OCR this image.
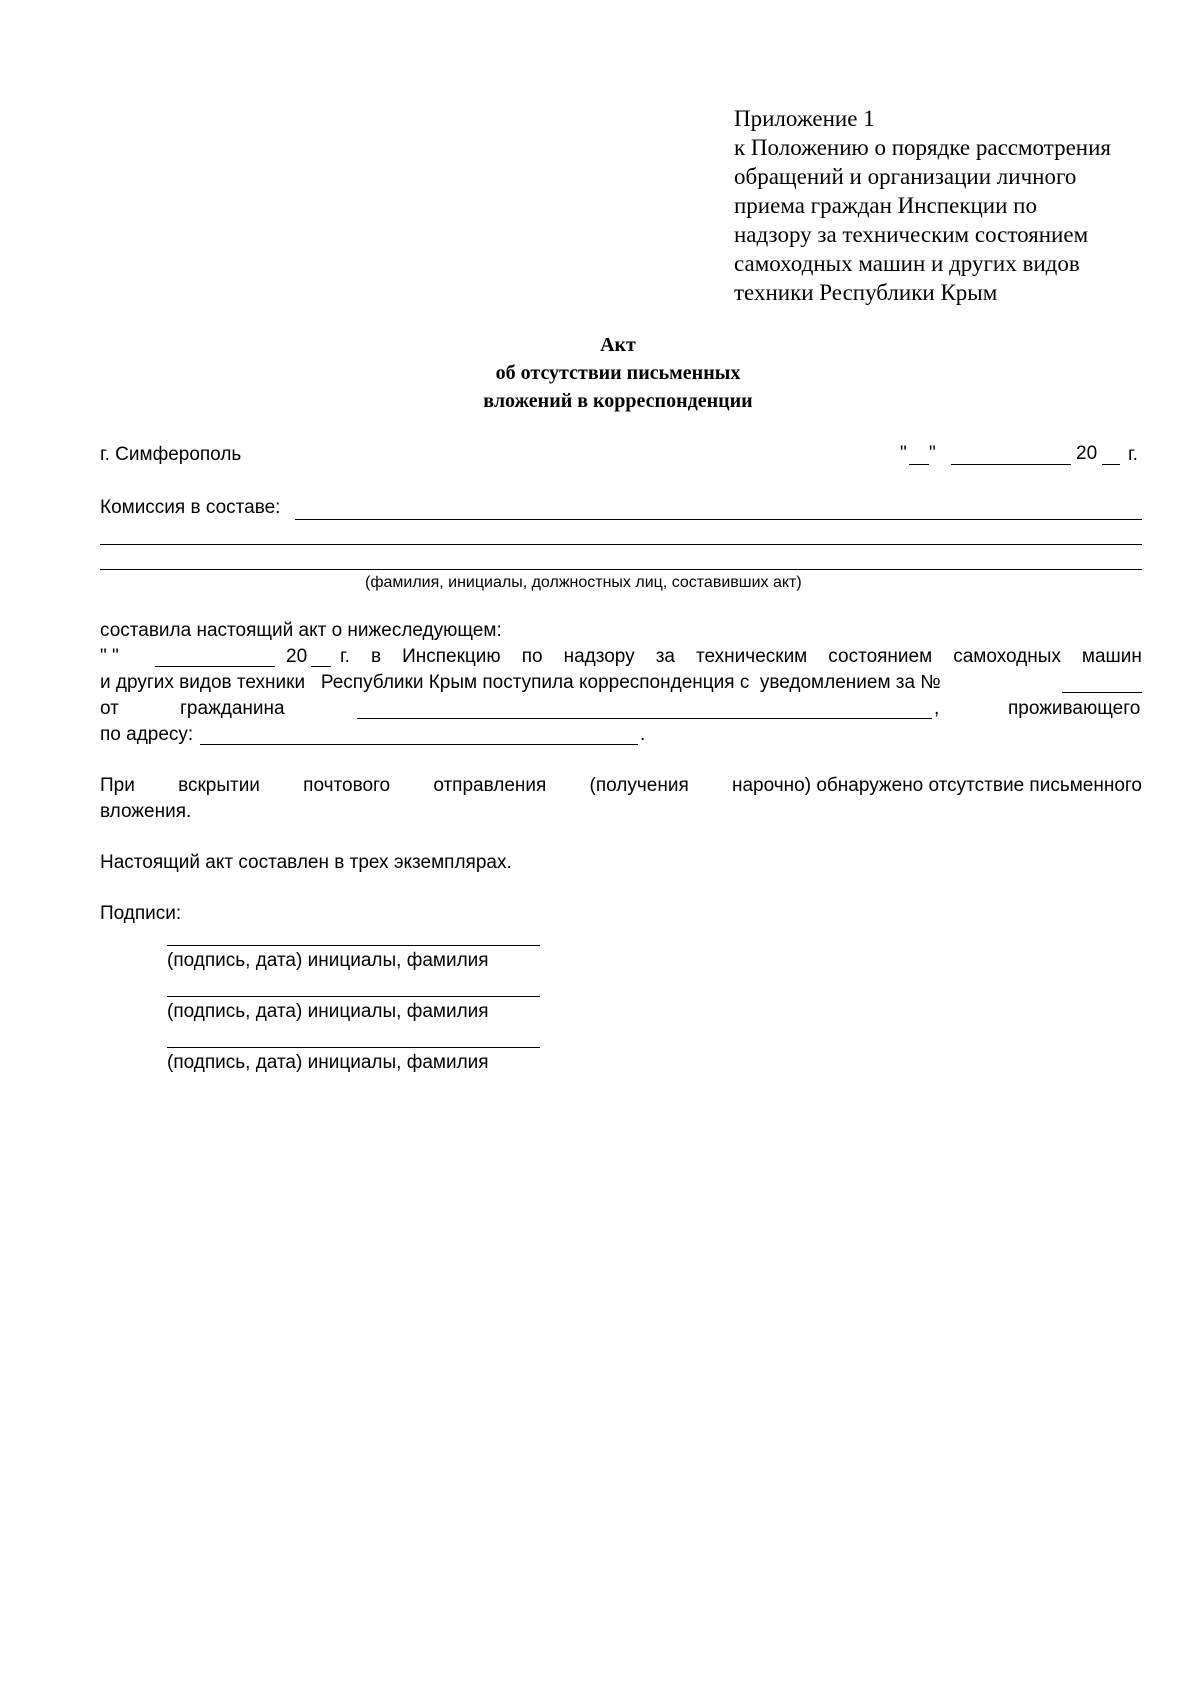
Приложение 1
к Положению о порядке рассмотрения
обращений и организации личного
приема граждан Инспекции по
надзору за техническим состоянием
самоходных машин и других видов
техники Республики Крым
Акт
об отсутствии письменных
вложений в корреспонденции
г. Симферополь	" "	20 г.
Комиссия в составе:
(фамилия, инициалы, должностных лиц, составивших акт)
составила настоящий акт о нижеследующем:
" "	20 г. в Инспекцию по надзору за техническим состоянием самоходных машин
и других видов техники   Республики Крым поступила корреспонденция с  уведомлением за №
от	гражданина	,	проживающего
по адресу:	.
При вскрытии почтового отправления (получения нарочно) обнаружено отсутствие письменного
вложения.
Настоящий акт составлен в трех экземплярах.
Подписи:
(подпись, дата) инициалы, фамилия
(подпись, дата) инициалы, фамилия
(подпись, дата) инициалы, фамилия
